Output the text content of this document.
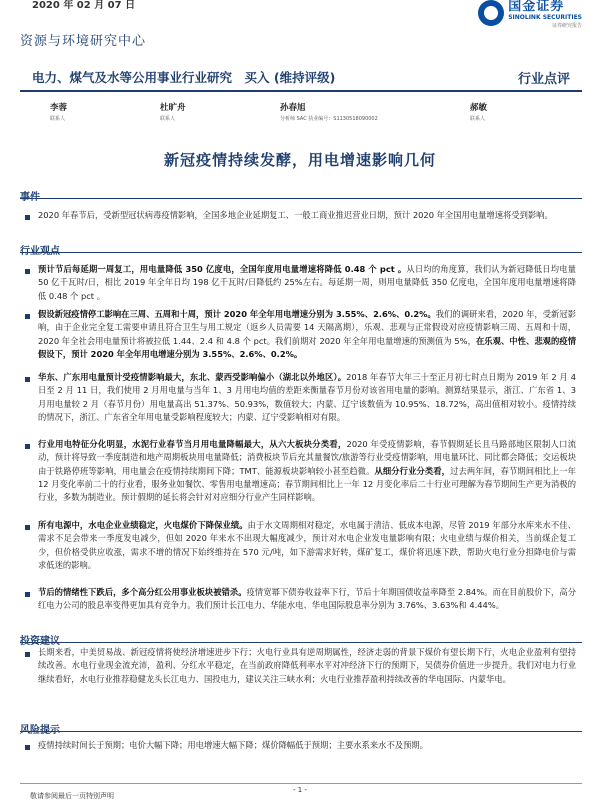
2020 年 02 月 07 日	国金证券
SINOLINK SECURITIES
证券研究报告
资源与环境研究中心
电力、煤气及水等公用事业行业研究　买入 (维持评级)	行业点评
李蓉
联系人
杜旷舟
联系人
孙春旭
分析师 SAC 执业编号：S1130518090002
郝敏
联系人
新冠疫情持续发酵，用电增速影响几何
事件
2020 年春节后，受新型冠状病毒疫情影响，全国多地企业延期复工、一般工商业推迟营业日期，预计 2020 年全国用电量增速将受到影响。
行业观点
预计节后每延期一周复工，用电量降低 350 亿度电，全国年度用电量增速将降低 0.48 个 pct 。从日均的角度算，我们认为新冠降低日均电量 50 亿千瓦时/日，相比 2019 年全年日均 198 亿千瓦时/日降低约 25%左右。每延期一周，则用电量降低 350 亿度电，全国年度用电量增速将降低 0.48 个 pct 。
假设新冠疫情停工影响在三周、五周和十周，预计 2020 年全年用电增速分别为 3.55%、2.6%、0.2%。我们的调研来看，2020 年，受新冠影响，由于企业完全复工需要申请且符合卫生与用工规定（返乡人员需要 14 天隔离期），乐观、悲观与正常假设对应疫情影响三周、五周和十周，2020 年全社会用电量预计将被拉低 1.44、2.4 和 4.8 个 pct。我们前期对 2020 年全年用电量增速的预测值为 5%，在乐观、中性、悲观的疫情假设下，预计 2020 年全年用电增速分别为 3.55%、2.6%、0.2%。
华东、广东用电量预计受疫情影响最大，东北、蒙西受影响偏小（湖北以外地区）。2018 年春节大年三十至正月初七时点日期为 2019 年 2 月 4 日至 2 月 11 日，我们使用 2 月用电量与当年 1、3 月用电均值的差距来衡量春节月份对该省用电量的影响。测算结果显示，浙江、广东省 1、3 月用电量较 2 月（春节月份）用电量高出 51.37%、50.93%，数值较大；内蒙、辽宁该数值为 10.95%、18.72%，高出值相对较小。疫情持续的情况下，浙江、广东省全年用电量受影响程度较大；内蒙、辽宁受影响相对有限。
行业用电特征分化明显，水泥行业春节当月用电量降幅最大，从六大板块分类看，2020 年受疫情影响，春节假期延长且马路部地区限制人口流动，预计将导致一季度制造和地产周期板块用电量降低；消费板块节后充其量餐饮/旅游等行业受疫情影响，用电量环比、同比都会降低；交运板块由于铁路停班等影响，用电量会在疫情持续期间下降；TMT、能源板块影响较小甚至趋微。从细分行业分类看，过去两年间，春节期间相比上一年 12 月变化率前二十的行业看，服务业如餐饮、零售用电量增速高；春节期间相比上一年 12 月变化率后二十行业可理解为春节期间生产更为消极的行业，多数为制造业。预计假期的延长将会针对对应细分行业产生同样影响。
所有电源中，水电企业业绩稳定，火电煤价下降保业绩。由于水文周期相对稳定，水电属于清洁、低成本电源，尽管 2019 年部分水库来水不佳、需求不足会带来一季度发电减少，但如 2020 年来水不出现大幅度减少，预计对水电企业发电量影响有限；火电业绩与煤价相关，当前煤企复工少，但价格受供应收涨，需求不增的情况下始终维持在 570 元/吨，如下游需求好转，煤矿复工，煤价将迅速下跌，帮助火电行业分担降电价与需求低迷的影响。
节后的情绪性下跌后，多个高分红公用事业板块被错杀。疫情宽幂下债券收益率下行，节后十年期国债收益率降至 2.84%。而在目前股价下，高分红电力公司的股息率变得更加具有竞争力。我们预计长江电力、华能水电、华电国际股息率分别为 3.76%、3.63%和 4.44%。
投资建议
长期来看，中美贸易战、新冠疫情将使经济增速进步下行；火电行业具有逆周期属性，经济走弱的背景下煤价有望长期下行，火电企业盈利有望持续改善。水电行业现金流充沛，盈利、分红水平稳定，在当前政府降低利率水平对冲经济下行的预期下，吴债券价值进一步提升。我们对电力行业继续看好，水电行业推荐稳健龙头长江电力、国投电力，建议关注三峡水利；火电行业推荐盈利持续改善的华电国际、内蒙华电。
风险提示
疫情持续时间长于预期；电价大幅下降；用电增速大幅下降；煤价降幅低于预期；主要水系来水不及预期。
- 1 -
敬请参阅最后一页特别声明
